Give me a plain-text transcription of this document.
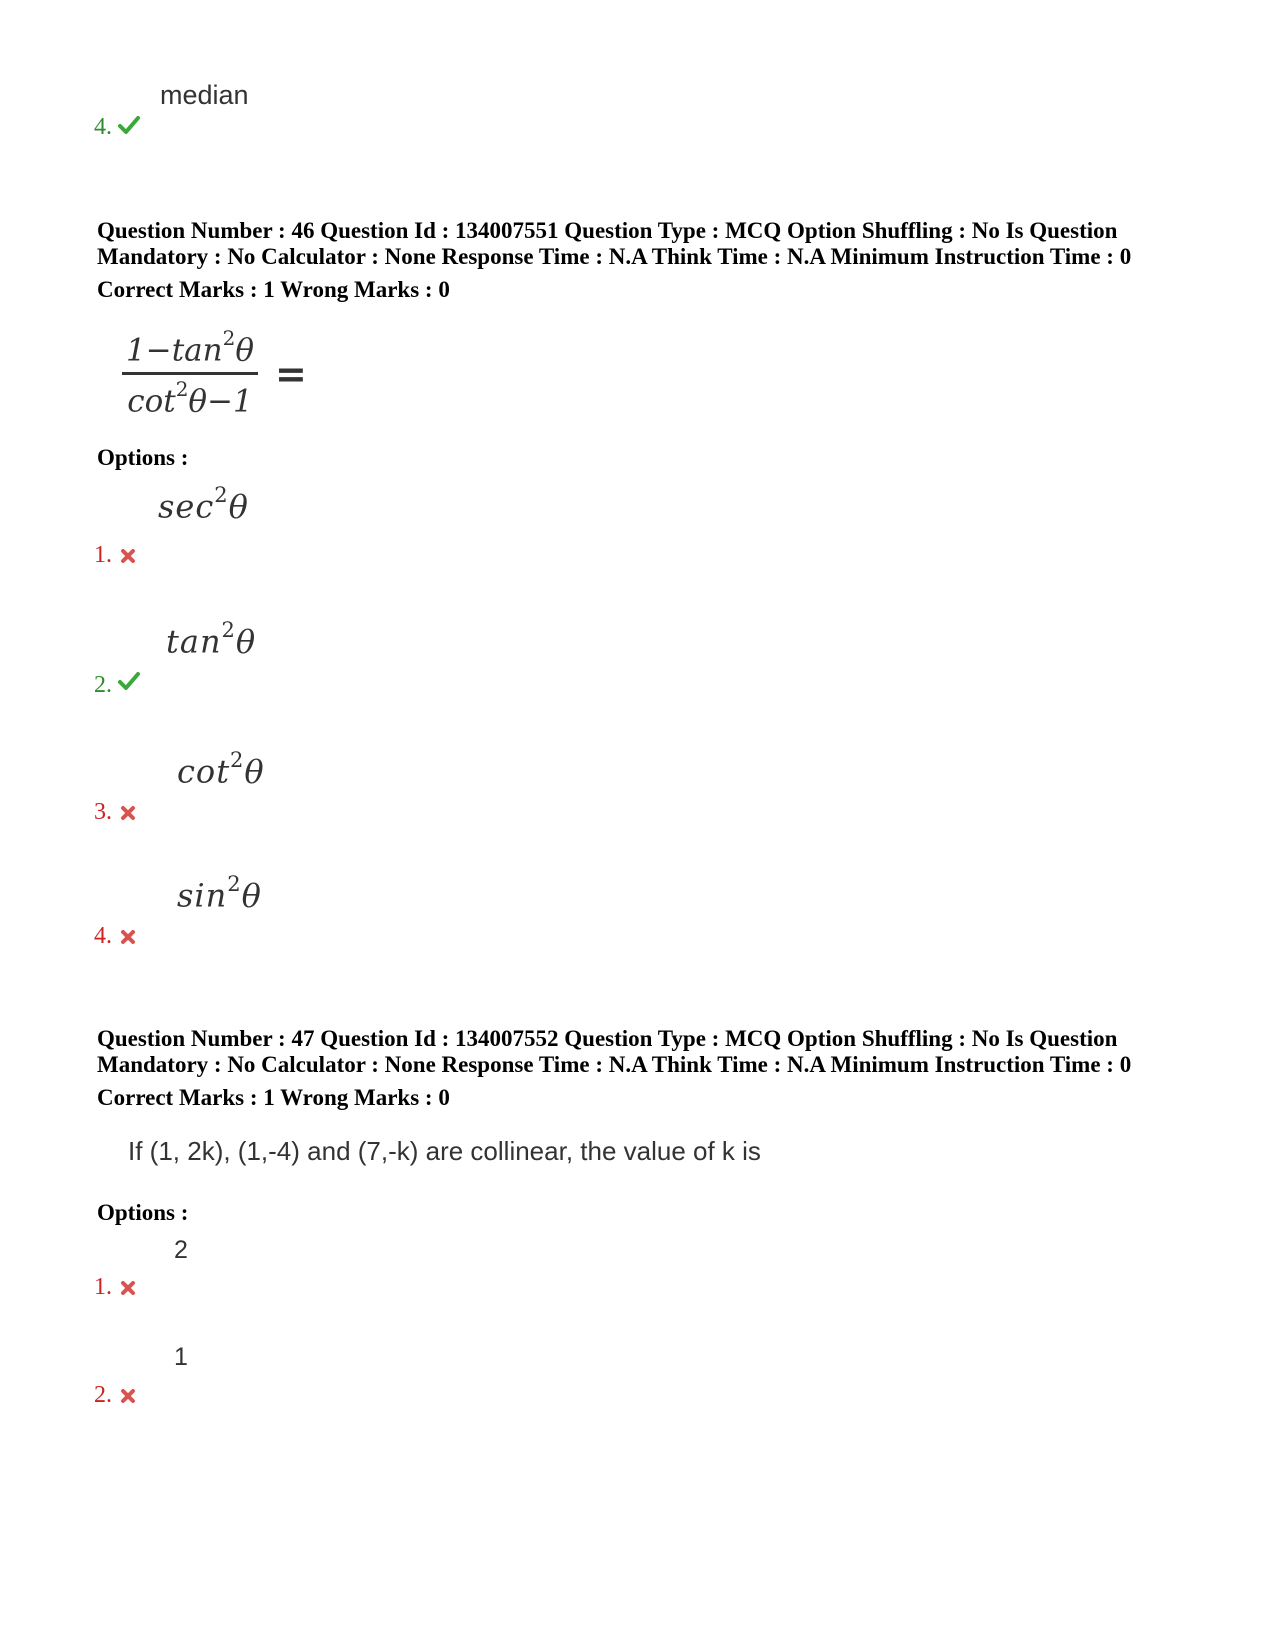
median
4.
Question Number : 46 Question Id : 134007551 Question Type : MCQ Option Shuffling : No Is Question
Mandatory : No Calculator : None Response Time : N.A Think Time : N.A Minimum Instruction Time : 0
Correct Marks : 1 Wrong Marks : 0
$1-\tan^2\theta$
$\cot^2\theta-1$
=
Options :
$\sec^2\theta$
1.
$\tan^2\theta$
2.
$\cot^2\theta$
3.
$\sin^2\theta$
4.
Question Number : 47 Question Id : 134007552 Question Type : MCQ Option Shuffling : No Is Question
Mandatory : No Calculator : None Response Time : N.A Think Time : N.A Minimum Instruction Time : 0
Correct Marks : 1 Wrong Marks : 0
If (1, 2k), (1,-4) and (7,-k) are collinear, the value of k is
Options :
2
1.
1
2.
